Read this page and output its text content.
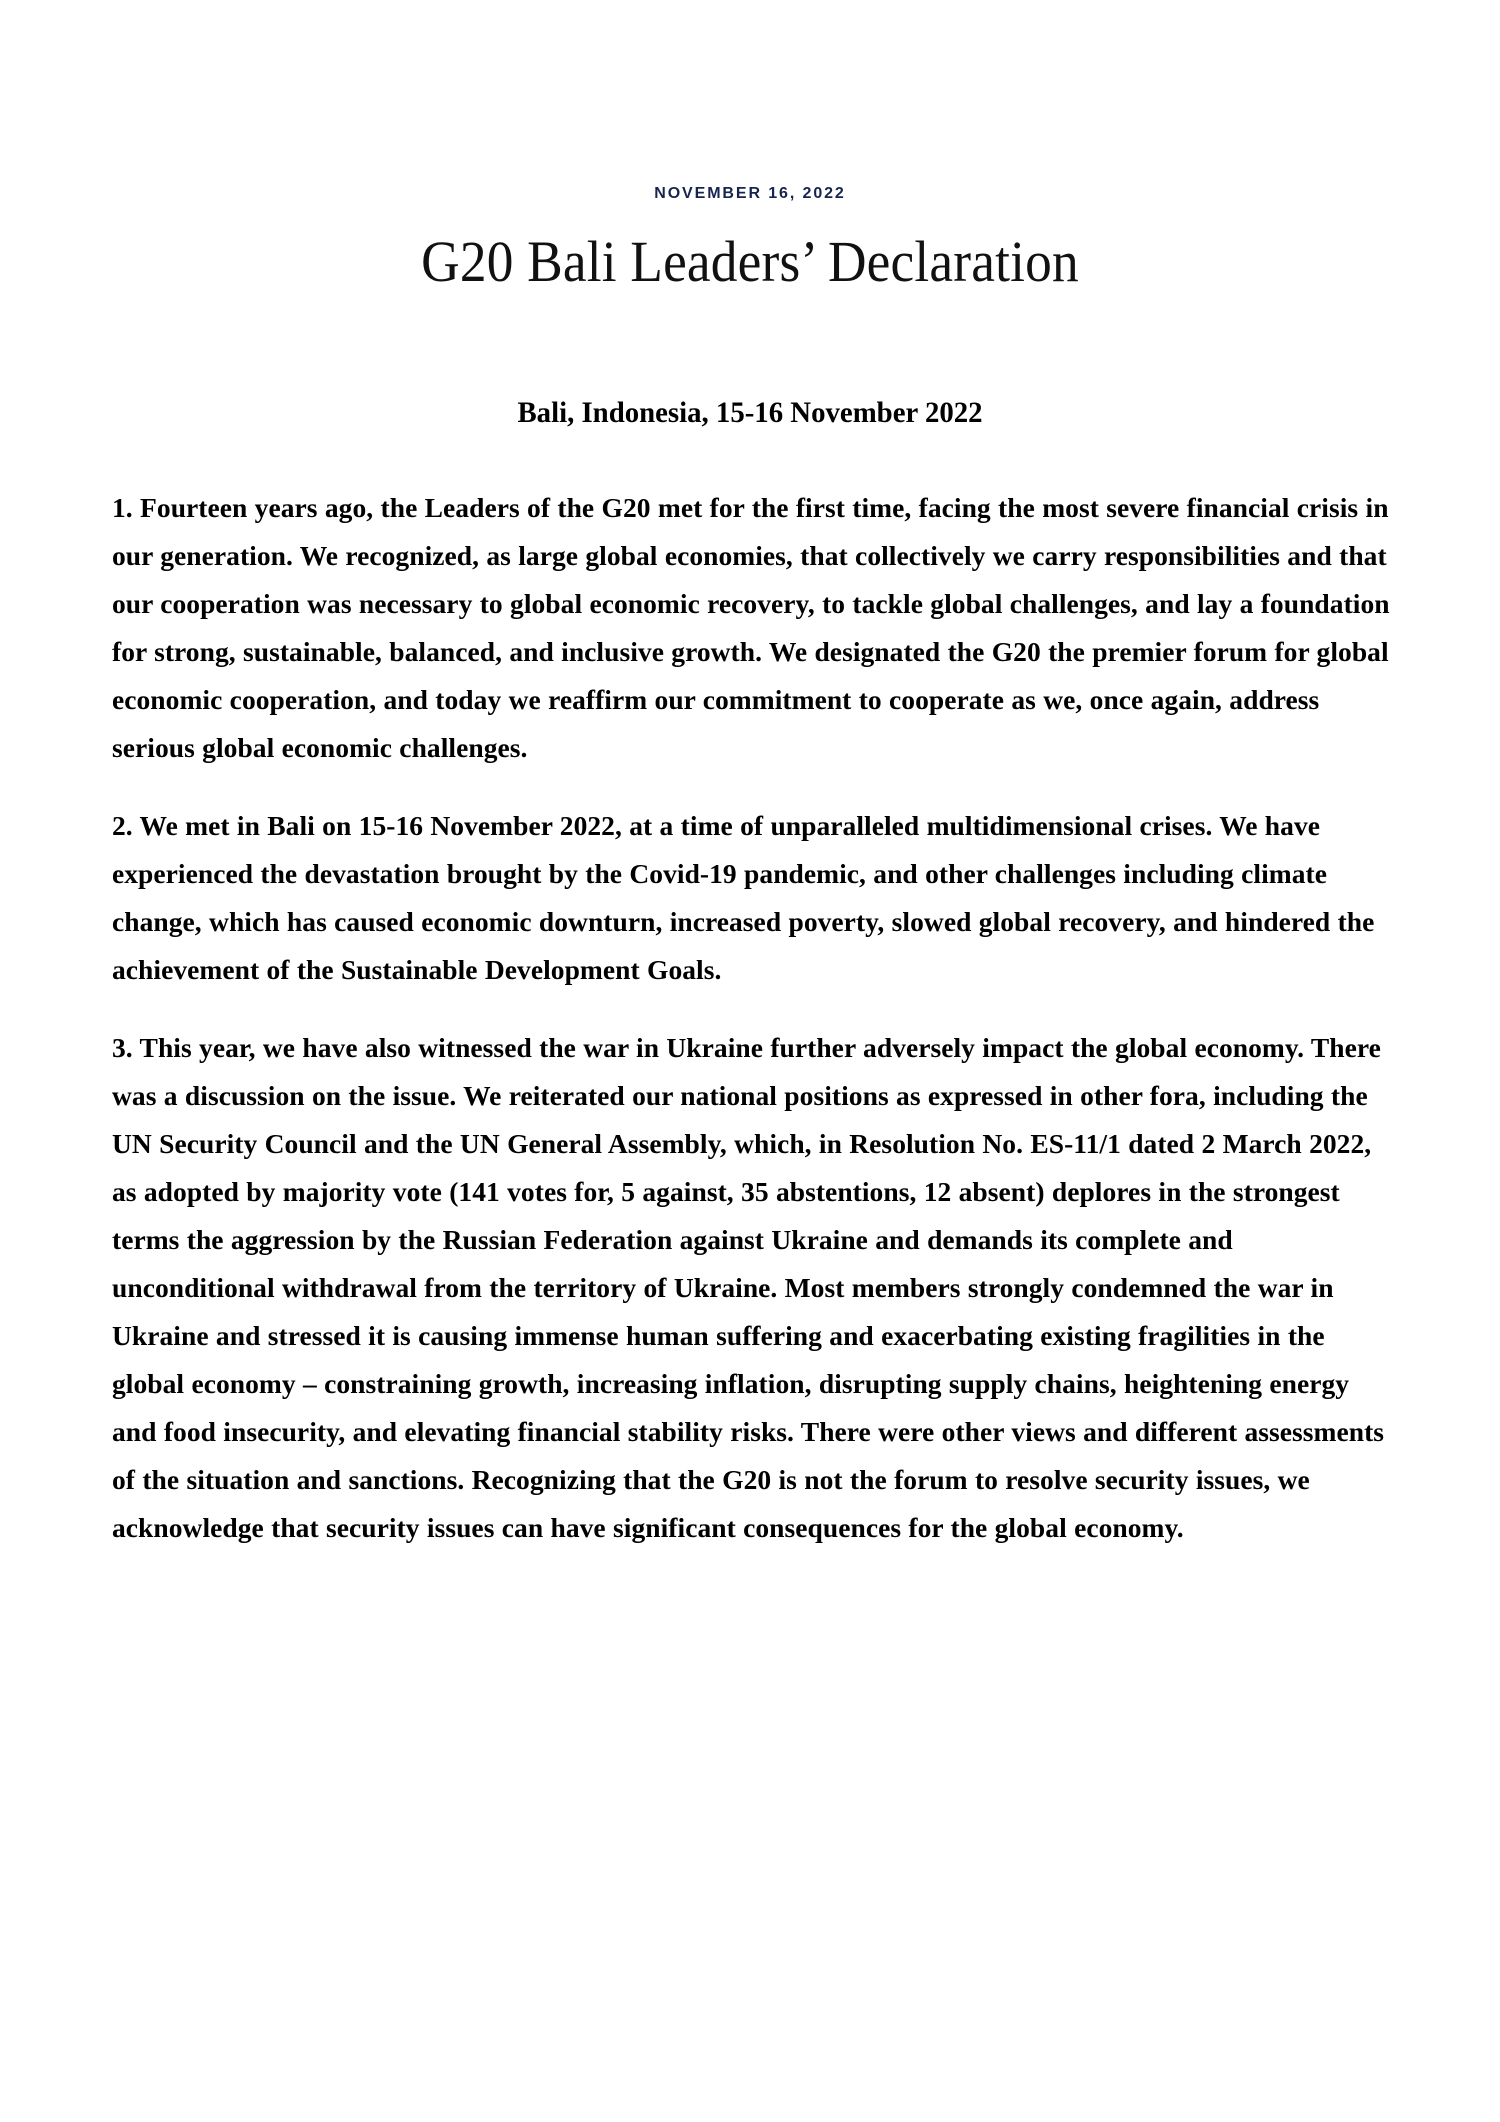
NOVEMBER 16, 2022
G20 Bali Leaders’ Declaration
Bali, Indonesia, 15-16 November 2022

1. Fourteen years ago, the Leaders of the G20 met for the first time, facing the most severe financial crisis in our generation. We recognized, as large global economies, that collectively we carry responsibilities and that our cooperation was necessary to global economic recovery, to tackle global challenges, and lay a foundation for strong, sustainable, balanced, and inclusive growth. We designated the G20 the premier forum for global economic cooperation, and today we reaffirm our commitment to cooperate as we, once again, address serious global economic challenges.

2. We met in Bali on 15-16 November 2022, at a time of unparalleled multidimensional crises. We have experienced the devastation brought by the Covid-19 pandemic, and other challenges including climate change, which has caused economic downturn, increased poverty, slowed global recovery, and hindered the achievement of the Sustainable Development Goals.

3. This year, we have also witnessed the war in Ukraine further adversely impact the global economy. There was a discussion on the issue. We reiterated our national positions as expressed in other fora, including the UN Security Council and the UN General Assembly, which, in Resolution No. ES-11/1 dated 2 March 2022, as adopted by majority vote (141 votes for, 5 against, 35 abstentions, 12 absent) deplores in the strongest terms the aggression by the Russian Federation against Ukraine and demands its complete and unconditional withdrawal from the territory of Ukraine. Most members strongly condemned the war in Ukraine and stressed it is causing immense human suffering and exacerbating existing fragilities in the global economy – constraining growth, increasing inflation, disrupting supply chains, heightening energy and food insecurity, and elevating financial stability risks. There were other views and different assessments of the situation and sanctions. Recognizing that the G20 is not the forum to resolve security issues, we acknowledge that security issues can have significant consequences for the global economy.
